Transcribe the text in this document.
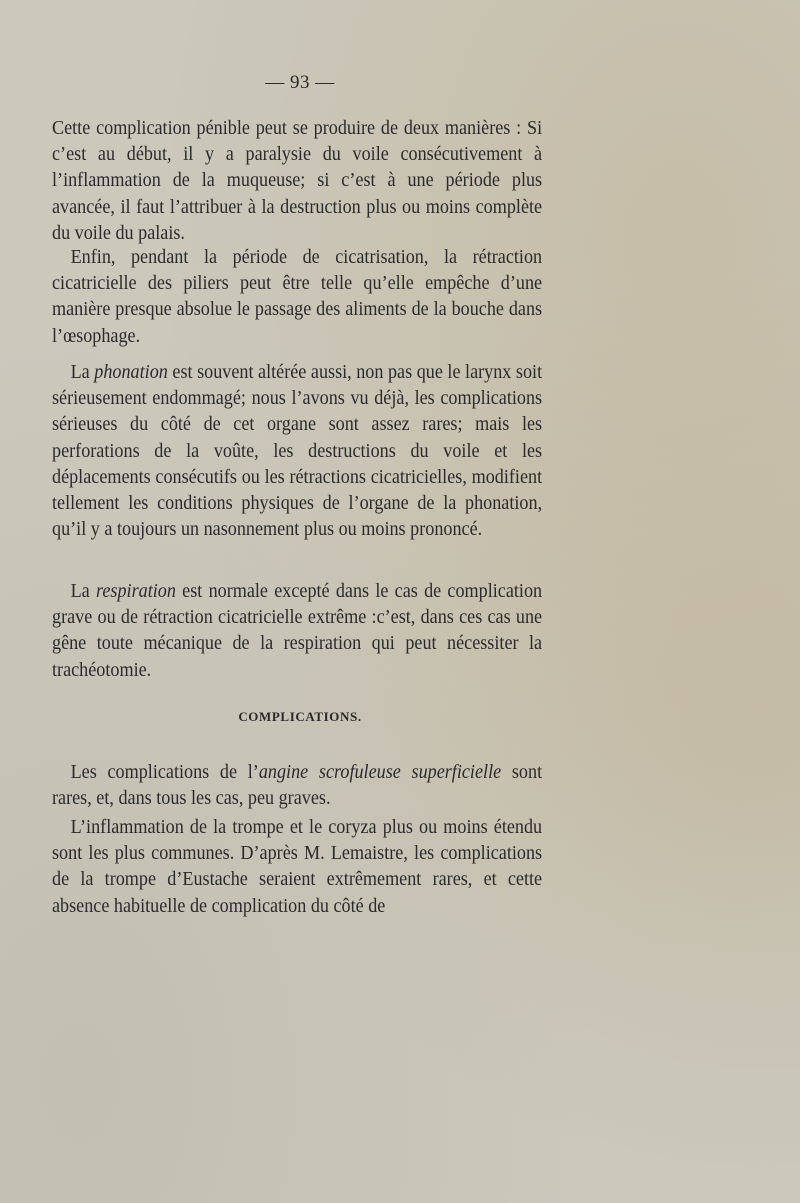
— 93 —

Cette complication pénible peut se produire de deux manières : Si c’est au début, il y a paralysie du voile consécutivement à l’inflammation de la muqueuse; si c’est à une période plus avancée, il faut l’attribuer à la destruction plus ou moins complète du voile du palais.

Enfin, pendant la période de cicatrisation, la rétraction cicatricielle des piliers peut être telle qu’elle empêche d’une manière presque absolue le passage des aliments de la bouche dans l’œsophage.

La phonation est souvent altérée aussi, non pas que le larynx soit sérieusement endommagé; nous l’avons vu déjà, les complications sérieuses du côté de cet organe sont assez rares; mais les perforations de la voûte, les destructions du voile et les déplacements consécutifs ou les rétractions cicatricielles, modifient tellement les conditions physiques de l’organe de la phonation, qu’il y a toujours un nasonnement plus ou moins prononcé.

La respiration est normale excepté dans le cas de complication grave ou de rétraction cicatricielle extrême :c’est, dans ces cas une gêne toute mécanique de la respiration qui peut nécessiter la trachéotomie.

COMPLICATIONS.

Les complications de l’angine scrofuleuse superficielle sont rares, et, dans tous les cas, peu graves.

L’inflammation de la trompe et le coryza plus ou moins étendu sont les plus communes. D’après M. Lemaistre, les complications de la trompe d’Eustache seraient extrêmement rares, et cette absence habituelle de complication du côté de
